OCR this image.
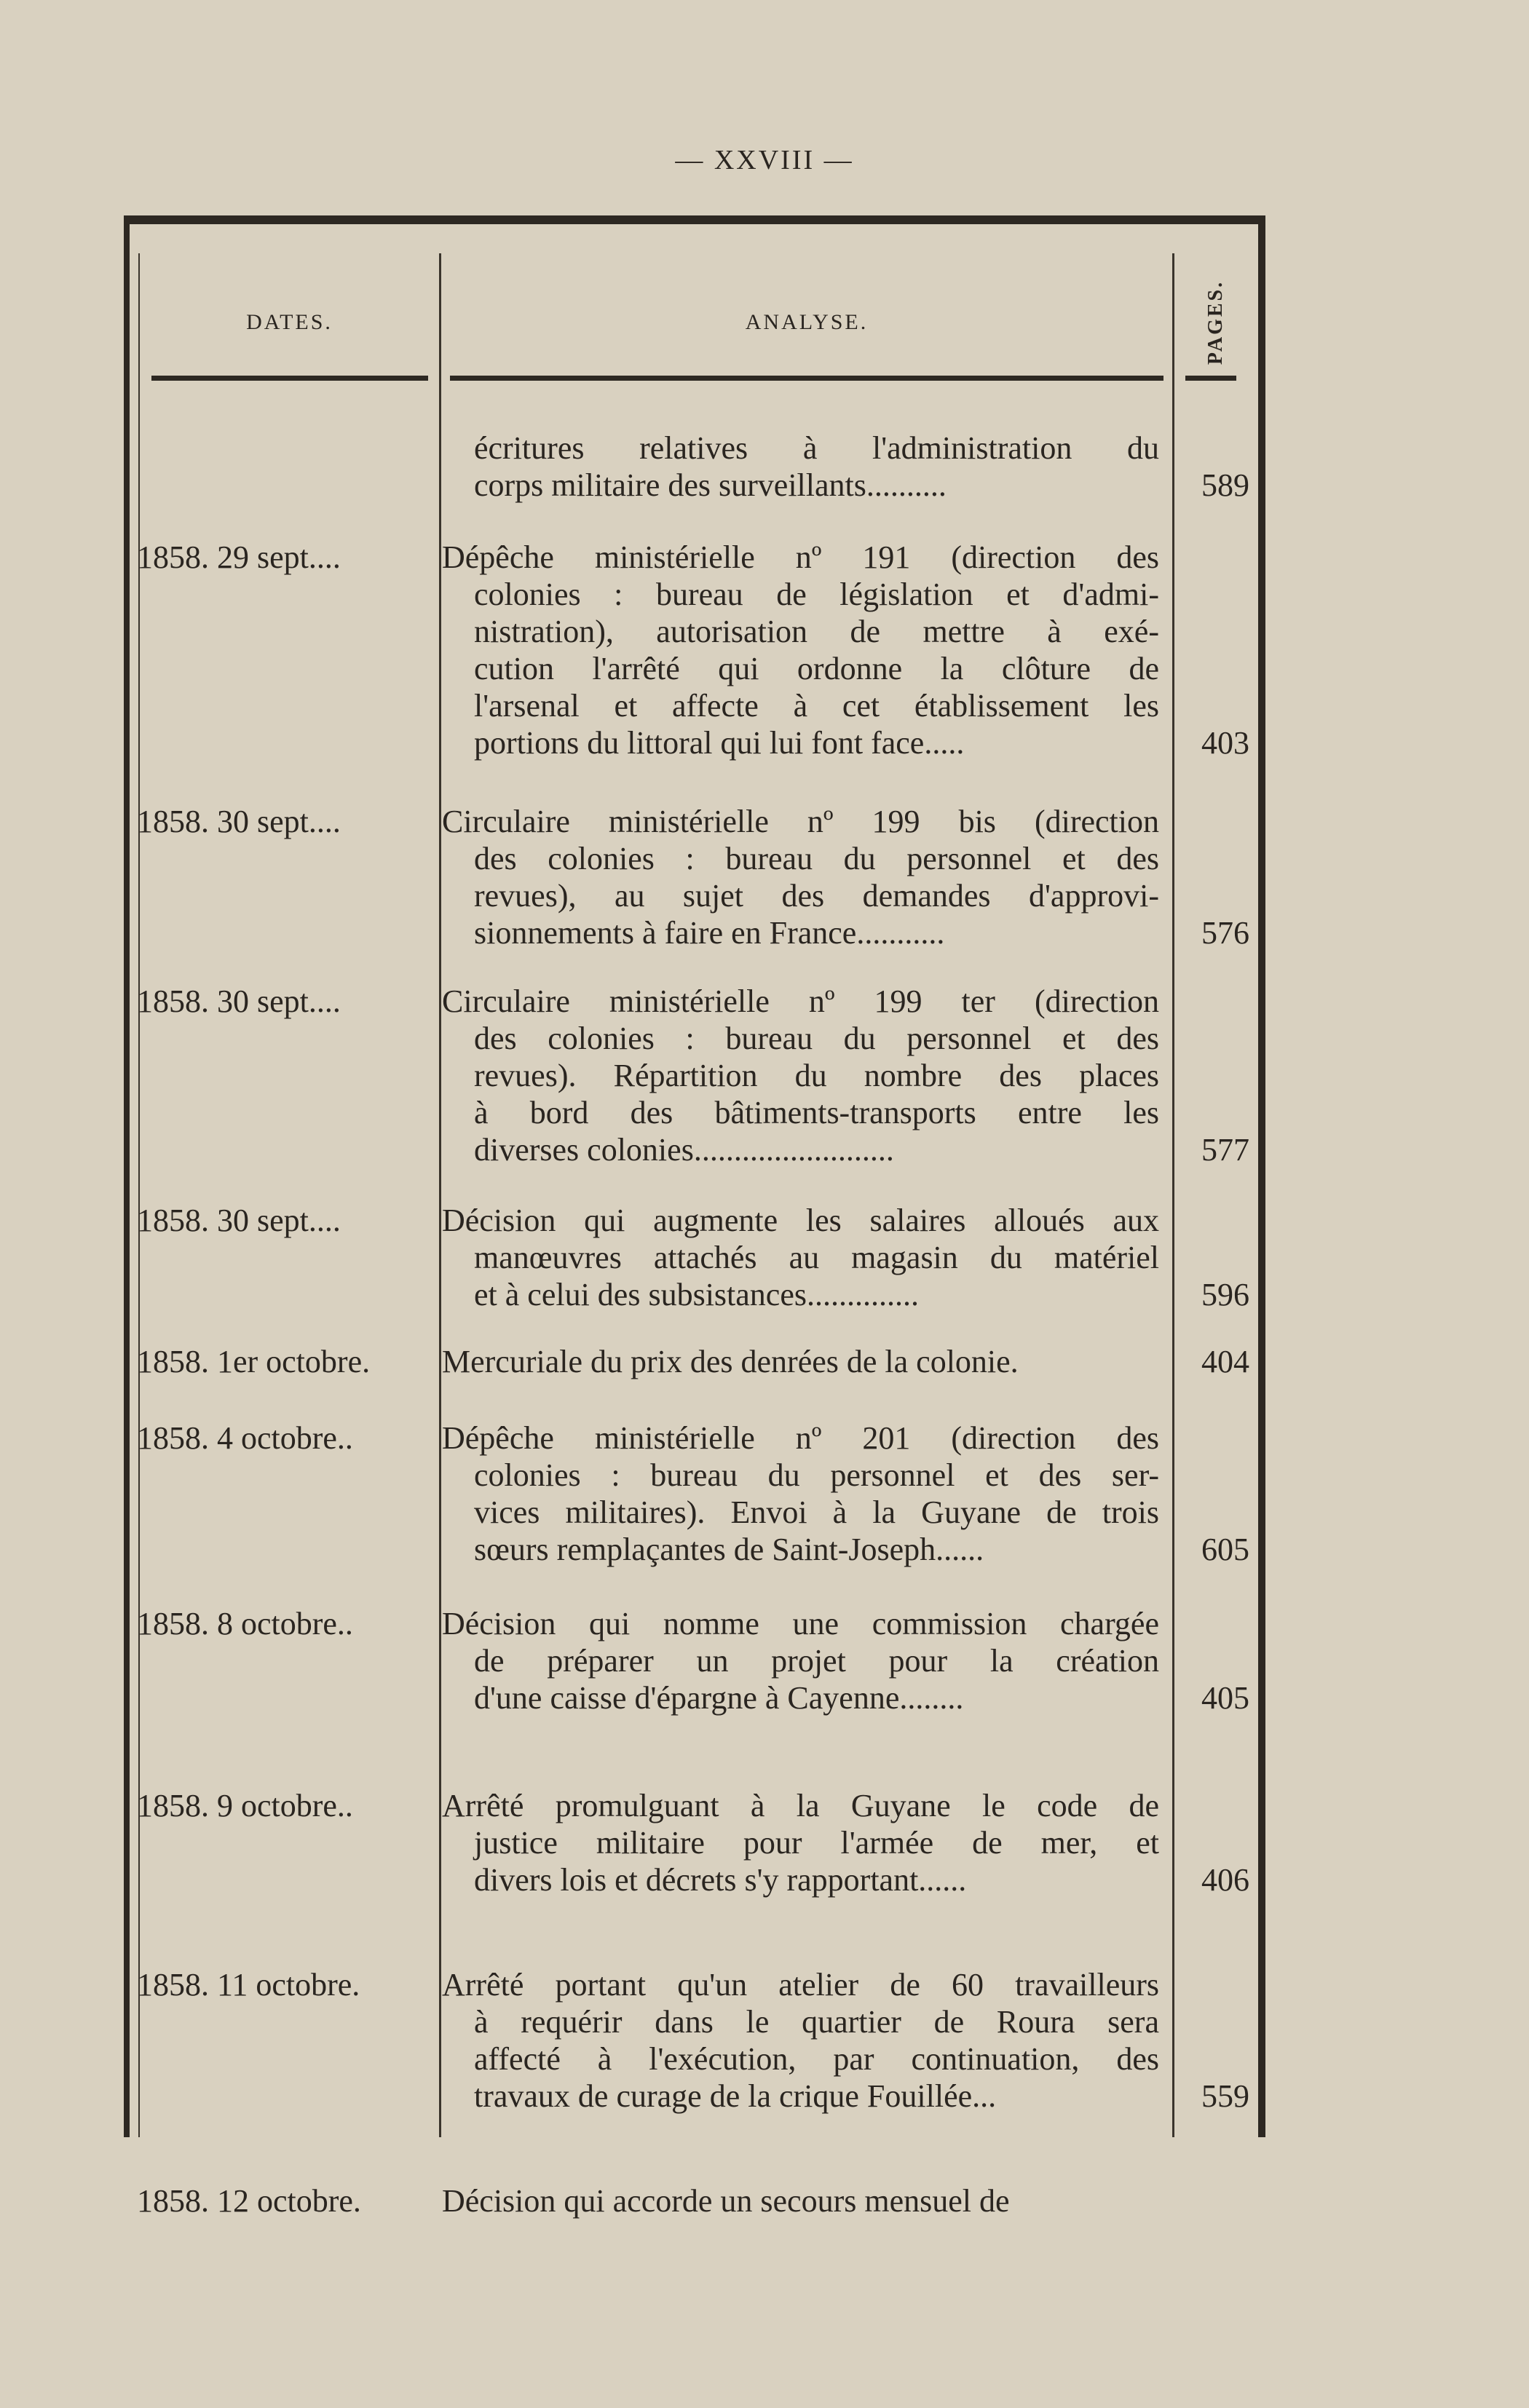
— XXVIII —
DATES.	ANALYSE.	PAGES.
écritures relatives à l'administration du
corps militaire des surveillants..........	589
1858. 29 sept....	Dépêche ministérielle nº 191 (direction des
colonies : bureau de législation et d'admi-
nistration), autorisation de mettre à exé-
cution l'arrêté qui ordonne la clôture de
l'arsenal et affecte à cet établissement les
portions du littoral qui lui font face.....	403
1858. 30 sept....	Circulaire ministérielle nº 199 bis (direction
des colonies : bureau du personnel et des
revues), au sujet des demandes d'approvi-
sionnements à faire en France...........	576
1858. 30 sept....	Circulaire ministérielle nº 199 ter (direction
des colonies : bureau du personnel et des
revues). Répartition du nombre des places
à bord des bâtiments-transports entre les
diverses colonies.........................	577
1858. 30 sept....	Décision qui augmente les salaires alloués aux
manœuvres attachés au magasin du matériel
et à celui des subsistances..............	596
1858. 1er octobre.	Mercuriale du prix des denrées de la colonie.	404
1858. 4 octobre..	Dépêche ministérielle nº 201 (direction des
colonies : bureau du personnel et des ser-
vices militaires). Envoi à la Guyane de trois
sœurs remplaçantes de Saint-Joseph......	605
1858. 8 octobre..	Décision qui nomme une commission chargée
de préparer un projet pour la création
d'une caisse d'épargne à Cayenne........	405
1858. 9 octobre..	Arrêté promulguant à la Guyane le code de
justice militaire pour l'armée de mer, et
divers lois et décrets s'y rapportant......	406
1858. 11 octobre.	Arrêté portant qu'un atelier de 60 travailleurs
à requérir dans le quartier de Roura sera
affecté à l'exécution, par continuation, des
travaux de curage de la crique Fouillée...	559
1858. 12 octobre.	Décision qui accorde un secours mensuel de
